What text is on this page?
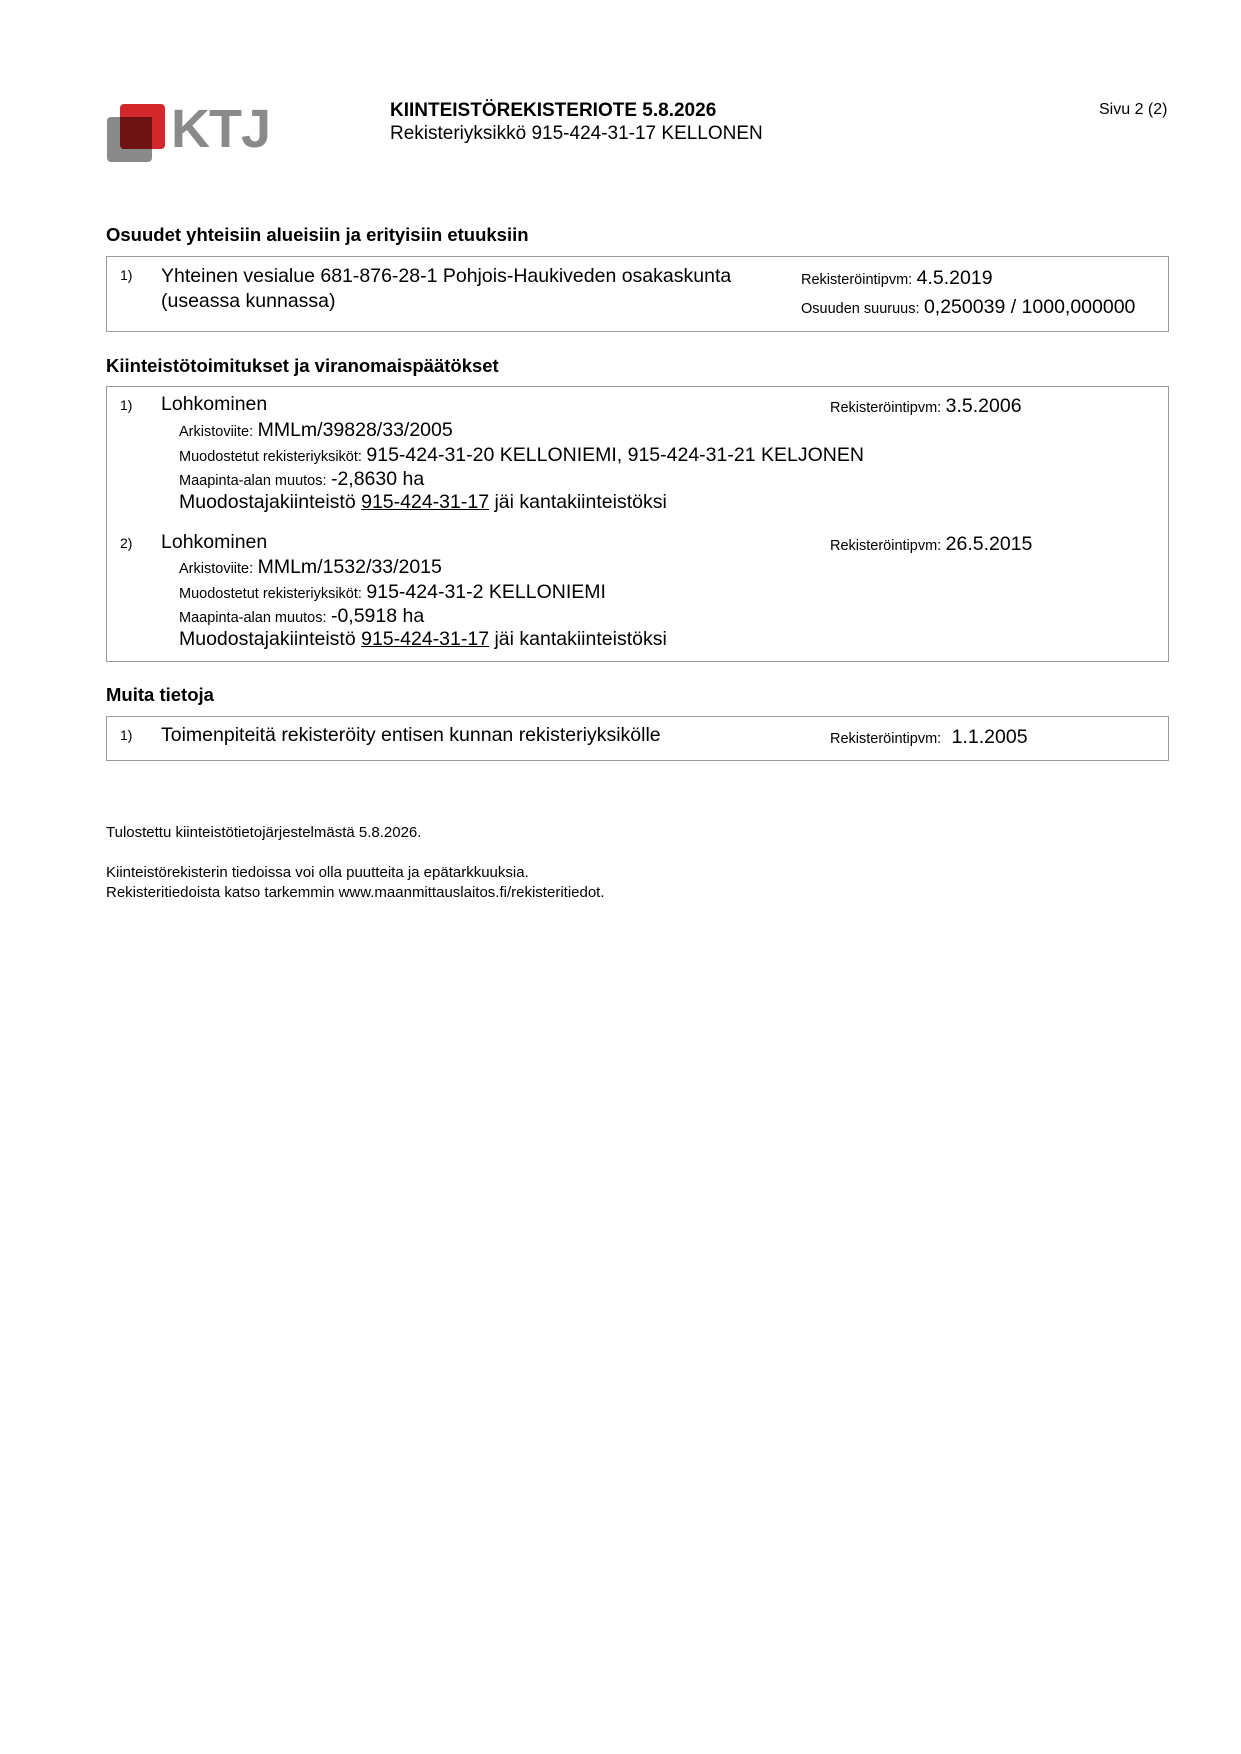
KTJ	KIINTEISTÖREKISTERIOTE 5.8.2026
Rekisteriyksikkö 915-424-31-17 KELLONEN
Sivu 2 (2)
Osuudet yhteisiin alueisiin ja erityisiin etuuksiin
1) Yhteinen vesialue 681-876-28-1 Pohjois-Haukiveden osakaskunta
(useassa kunnassa)
Rekisteröintipvm: 4.5.2019
Osuuden suuruus: 0,250039 / 1000,000000
Kiinteistötoimitukset ja viranomaispäätökset
1) Lohkominen	Rekisteröintipvm: 3.5.2006
Arkistoviite: MMLm/39828/33/2005
Muodostetut rekisteriyksiköt: 915-424-31-20 KELLONIEMI, 915-424-31-21 KELJONEN
Maapinta-alan muutos: -2,8630 ha
Muodostajakiinteistö 915-424-31-17 jäi kantakiinteistöksi
2) Lohkominen	Rekisteröintipvm: 26.5.2015
Arkistoviite: MMLm/1532/33/2015
Muodostetut rekisteriyksiköt: 915-424-31-2 KELLONIEMI
Maapinta-alan muutos: -0,5918 ha
Muodostajakiinteistö 915-424-31-17 jäi kantakiinteistöksi
Muita tietoja
1) Toimenpiteitä rekisteröity entisen kunnan rekisteriyksikölle	Rekisteröintipvm: 1.1.2005
Tulostettu kiinteistötietojärjestelmästä 5.8.2026.
Kiinteistörekisterin tiedoissa voi olla puutteita ja epätarkkuuksia.
Rekisteritiedoista katso tarkemmin www.maanmittauslaitos.fi/rekisteritiedot.
